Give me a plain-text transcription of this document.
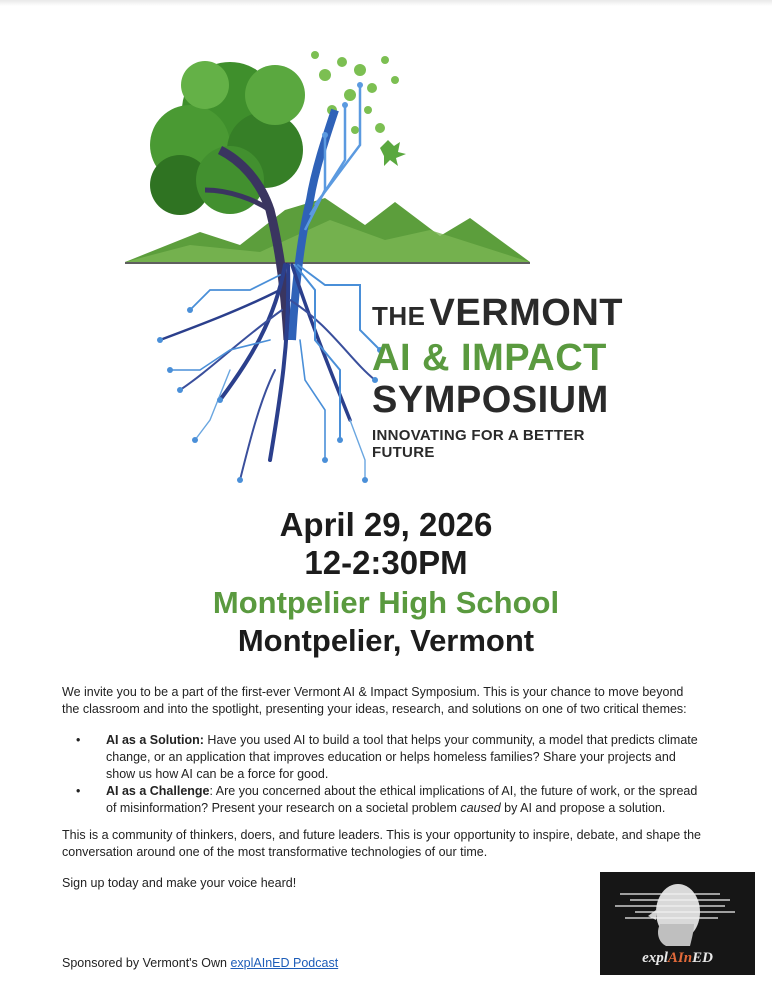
THE VERMONT
AI & IMPACT
SYMPOSIUM
INNOVATING FOR A BETTER FUTURE
April 29, 2026
12-2:30PM
Montpelier High School
Montpelier, Vermont

We invite you to be a part of the first-ever Vermont AI & Impact Symposium. This is your chance to move beyond the classroom and into the spotlight, presenting your ideas, research, and solutions on one of two critical themes:

• AI as a Solution: Have you used AI to build a tool that helps your community, a model that predicts climate change, or an application that improves education or helps homeless families? Share your projects and show us how AI can be a force for good.
• AI as a Challenge: Are you concerned about the ethical implications of AI, the future of work, or the spread of misinformation? Present your research on a societal problem caused by AI and propose a solution.

This is a community of thinkers, doers, and future leaders. This is your opportunity to inspire, debate, and shape the conversation around one of the most transformative technologies of our time.

Sign up today and make your voice heard!

Sponsored by Vermont's Own explAInED Podcast	explAInED
